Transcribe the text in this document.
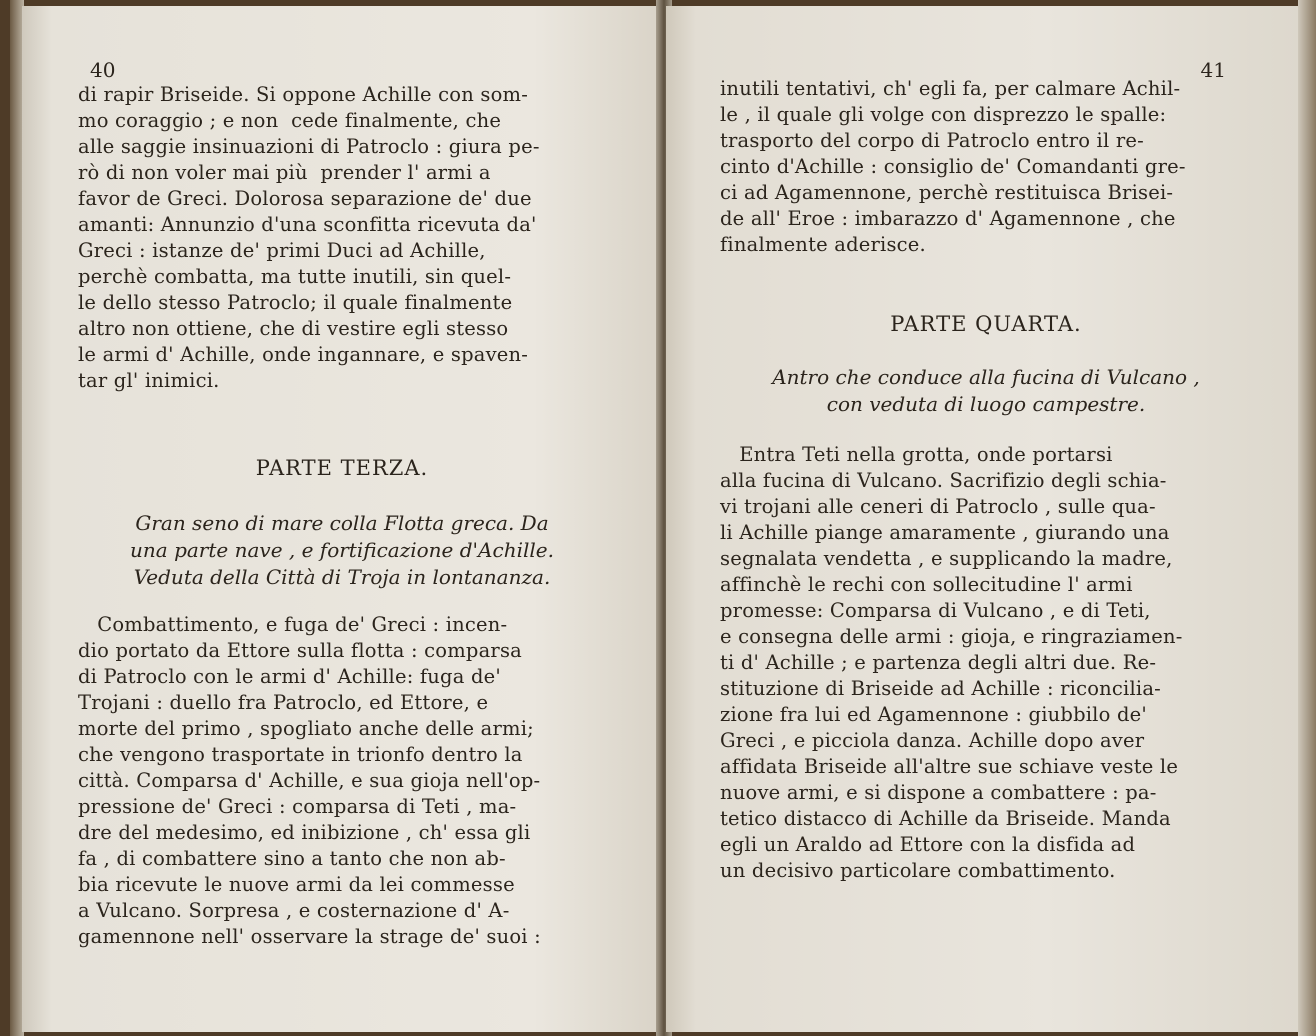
40

di rapir Briseide. Si oppone Achille con som-
mo coraggio ; e non  cede finalmente, che
alle saggie insinuazioni di Patroclo : giura pe-
rò di non voler mai più  prender l' armi a
favor de Greci. Dolorosa separazione de' due
amanti: Annunzio d'una sconfitta ricevuta da'
Greci : istanze de' primi Duci ad Achille,
perchè combatta, ma tutte inutili, sin quel-
le dello stesso Patroclo; il quale finalmente
altro non ottiene, che di vestire egli stesso
le armi d' Achille, onde ingannare, e spaven-
tar gl' inimici.

PARTE TERZA.

Gran seno di mare colla Flotta greca. Da
una parte nave , e fortificazione d'Achille.
Veduta della Città di Troja in lontananza.

Combattimento, e fuga de' Greci : incen-
dio portato da Ettore sulla flotta : comparsa
di Patroclo con le armi d' Achille: fuga de'
Trojani : duello fra Patroclo, ed Ettore, e
morte del primo , spogliato anche delle armi;
che vengono trasportate in trionfo dentro la
città. Comparsa d' Achille, e sua gioja nell'op-
pressione de' Greci : comparsa di Teti , ma-
dre del medesimo, ed inibizione , ch' essa gli
fa , di combattere sino a tanto che non ab-
bia ricevute le nuove armi da lei commesse
a Vulcano. Sorpresa , e costernazione d' A-
gamennone nell' osservare la strage de' suoi :

41

inutili tentativi, ch' egli fa, per calmare Achil-
le , il quale gli volge con disprezzo le spalle:
trasporto del corpo di Patroclo entro il re-
cinto d'Achille : consiglio de' Comandanti gre-
ci ad Agamennone, perchè restituisca Brisei-
de all' Eroe : imbarazzo d' Agamennone , che
finalmente aderisce.

PARTE QUARTA.

Antro che conduce alla fucina di Vulcano ,
con veduta di luogo campestre.

Entra Teti nella grotta, onde portarsi
alla fucina di Vulcano. Sacrifizio degli schia-
vi trojani alle ceneri di Patroclo , sulle qua-
li Achille piange amaramente , giurando una
segnalata vendetta , e supplicando la madre,
affinchè le rechi con sollecitudine l' armi
promesse: Comparsa di Vulcano , e di Teti,
e consegna delle armi : gioja, e ringraziamen-
ti d' Achille ; e partenza degli altri due. Re-
stituzione di Briseide ad Achille : riconcilia-
zione fra lui ed Agamennone : giubbilo de'
Greci , e picciola danza. Achille dopo aver
affidata Briseide all'altre sue schiave veste le
nuove armi, e si dispone a combattere : pa-
tetico distacco di Achille da Briseide. Manda
egli un Araldo ad Ettore con la disfida ad
un decisivo particolare combattimento.
